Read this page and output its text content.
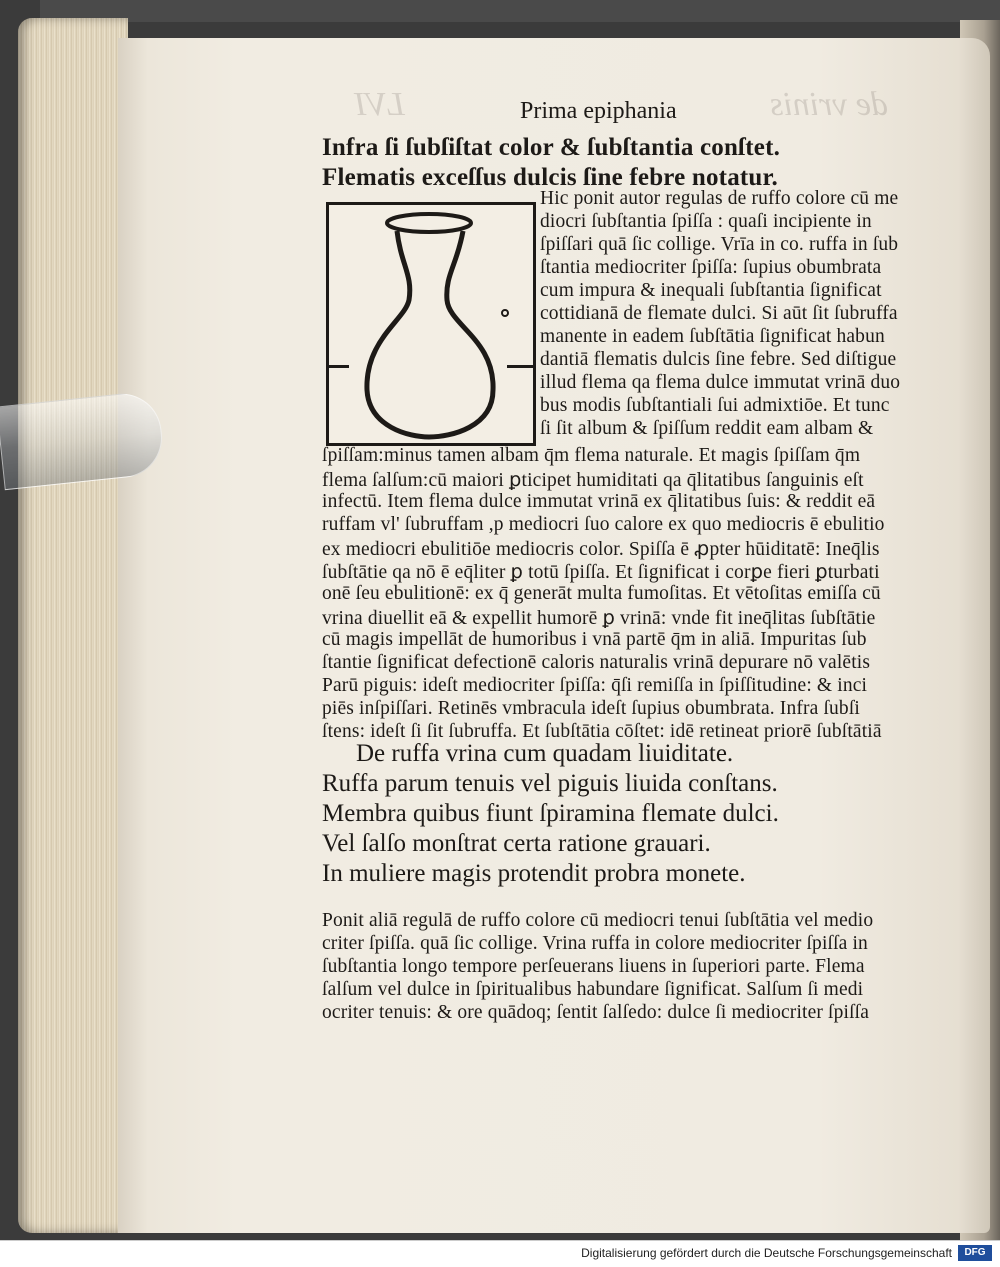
de vrinis
LVI	Prima epiphania
Infra ſi ſubſiſtat color & ſubſtantia conſtet.
Flematis exceſſus dulcis ſine febre notatur.
Hic ponit autor regulas de ruffo colore cū me
diocri ſubſtantia ſpiſſa : quaſi incipiente in
ſpiſſari quā ſic collige. Vrīa in co. ruffa in ſub
ſtantia mediocriter ſpiſſa: ſupius obumbrata
cum impura & inequali ſubſtantia ſignificat
cottidianā de flemate dulci. Si aūt ſit ſubruffa
manente in eadem ſubſtātia ſignificat habun
dantiā flematis dulcis ſine febre. Sed diſtigue
illud flema qa flema dulce immutat vrinā duo
bus modis ſubſtantiali ſui admixtiōe. Et tunc
ſi ſit album & ſpiſſum reddit eam albam &
ſpiſſam:minus tamen albam q̄m flema naturale. Et magis ſpiſſam q̄m
flema ſalſum:cū maiori ꝑticipet humiditati qa q̄litatibus ſanguinis eſt
infectū. Item flema dulce immutat vrinā ex q̄litatibus ſuis: & reddit eā
ruffam vl' ſubruffam ,p mediocri ſuo calore ex quo mediocris ē ebulitio
ex mediocri ebulitiōe mediocris color. Spiſſa ē ꝓpter hūiditatē: Ineq̄lis
ſubſtātie qa nō ē eq̄liter ꝑ totū ſpiſſa. Et ſignificat i corꝑe fieri ꝑturbati
onē ſeu ebulitionē: ex q̄ generāt multa fumoſitas. Et vētoſitas emiſſa cū
vrina diuellit eā & expellit humorē ꝑ vrinā: vnde fit ineq̄litas ſubſtātie
cū magis impellāt de humoribus i vnā partē q̄m in aliā. Impuritas ſub
ſtantie ſignificat defectionē caloris naturalis vrinā depurare nō valētis
Parū piguis: ideſt mediocriter ſpiſſa: q̄ſi remiſſa in ſpiſſitudine: & inci
piēs inſpiſſari. Retinēs vmbracula ideſt ſupius obumbrata. Infra ſubſi
ſtens: ideſt ſi ſit ſubruffa. Et ſubſtātia cōſtet: idē retineat priorē ſubſtātiā
De ruffa vrina cum quadam liuiditate.
Ruffa parum tenuis vel piguis liuida conſtans.
Membra quibus fiunt ſpiramina flemate dulci.
Vel ſalſo monſtrat certa ratione grauari.
In muliere magis protendit probra monete.
Ponit aliā regulā de ruffo colore cū mediocri tenui ſubſtātia vel medio
criter ſpiſſa. quā ſic collige. Vrina ruffa in colore mediocriter ſpiſſa in
ſubſtantia longo tempore perſeuerans liuens in ſuperiori parte. Flema
ſalſum vel dulce in ſpiritualibus habundare ſignificat. Salſum ſi medi
ocriter tenuis: & ore quādoq; ſentit ſalſedo: dulce ſi mediocriter ſpiſſa
Digitalisierung gefördert durch die Deutsche Forschungsgemeinschaft	DFG
